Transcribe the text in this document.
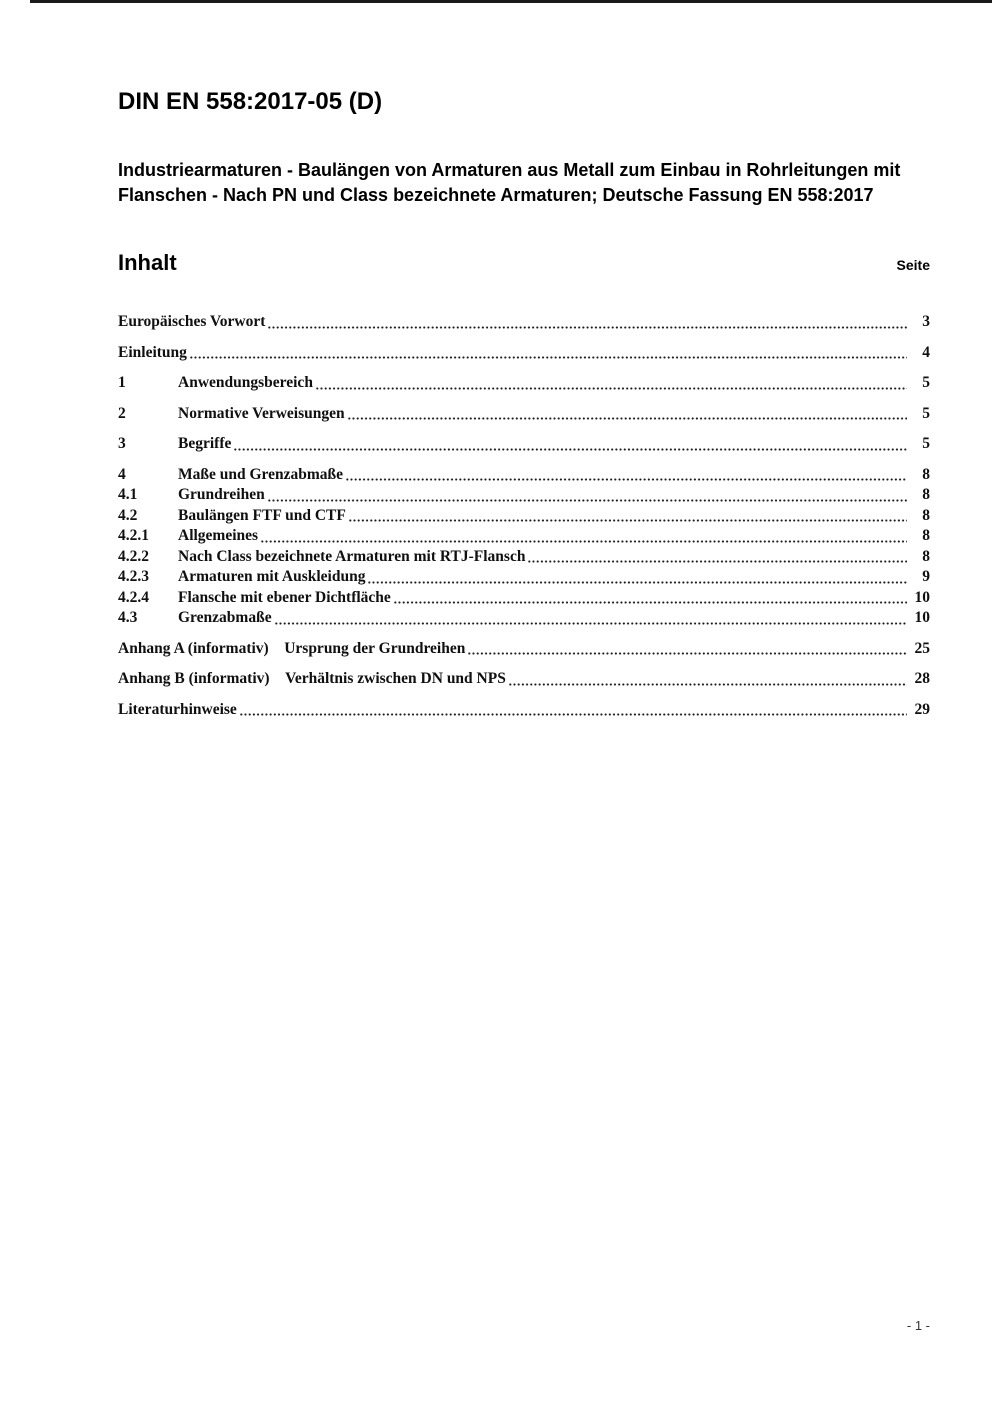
DIN EN 558:2017-05 (D)
Industriearmaturen - Baulängen von Armaturen aus Metall zum Einbau in Rohrleitungen mit Flanschen - Nach PN und Class bezeichnete Armaturen; Deutsche Fassung EN 558:2017
Inhalt	Seite
Europäisches Vorwort	3
Einleitung	4
1	Anwendungsbereich	5
2	Normative Verweisungen	5
3	Begriffe	5
4	Maße und Grenzabmaße	8
4.1	Grundreihen	8
4.2	Baulängen FTF und CTF	8
4.2.1	Allgemeines	8
4.2.2	Nach Class bezeichnete Armaturen mit RTJ-Flansch	8
4.2.3	Armaturen mit Auskleidung	9
4.2.4	Flansche mit ebener Dichtfläche	10
4.3	Grenzabmaße	10
Anhang A (informativ) Ursprung der Grundreihen	25
Anhang B (informativ) Verhältnis zwischen DN und NPS	28
Literaturhinweise	29
- 1 -
